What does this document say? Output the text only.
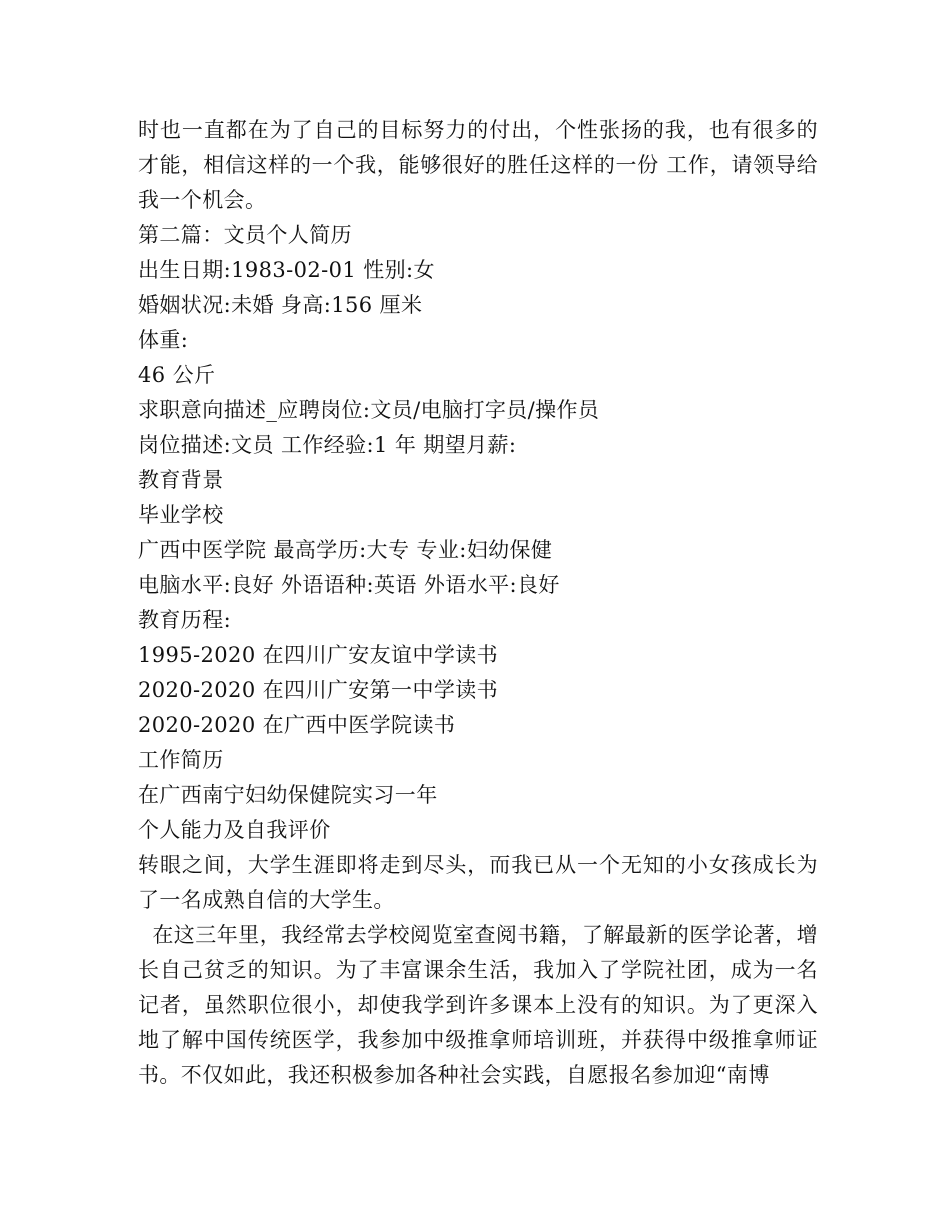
时也一直都在为了自己的目标努力的付出，个性张扬的我，也有很多的才能，相信这样的一个我，能够很好的胜任这样的一份 工作，请领导给我一个机会。

第二篇：文员个人简历

出生日期:1983-02-01 性别:女

婚姻状况:未婚 身高:156 厘米

体重:

46 公斤

求职意向描述_应聘岗位:文员/电脑打字员/操作员

岗位描述:文员 工作经验:1 年 期望月薪:

教育背景

毕业学校

广西中医学院 最高学历:大专 专业:妇幼保健

电脑水平:良好 外语语种:英语 外语水平:良好

教育历程:

1995-2020 在四川广安友谊中学读书

2020-2020 在四川广安第一中学读书

2020-2020 在广西中医学院读书

工作简历

在广西南宁妇幼保健院实习一年

个人能力及自我评价

转眼之间，大学生涯即将走到尽头，而我已从一个无知的小女孩成长为了一名成熟自信的大学生。

在这三年里，我经常去学校阅览室查阅书籍，了解最新的医学论著，增长自己贫乏的知识。为了丰富课余生活，我加入了学院社团，成为一名记者，虽然职位很小，却使我学到许多课本上没有的知识。为了更深入地了解中国传统医学，我参加中级推拿师培训班，并获得中级推拿师证书。不仅如此，我还积极参加各种社会实践，自愿报名参加迎“南博
